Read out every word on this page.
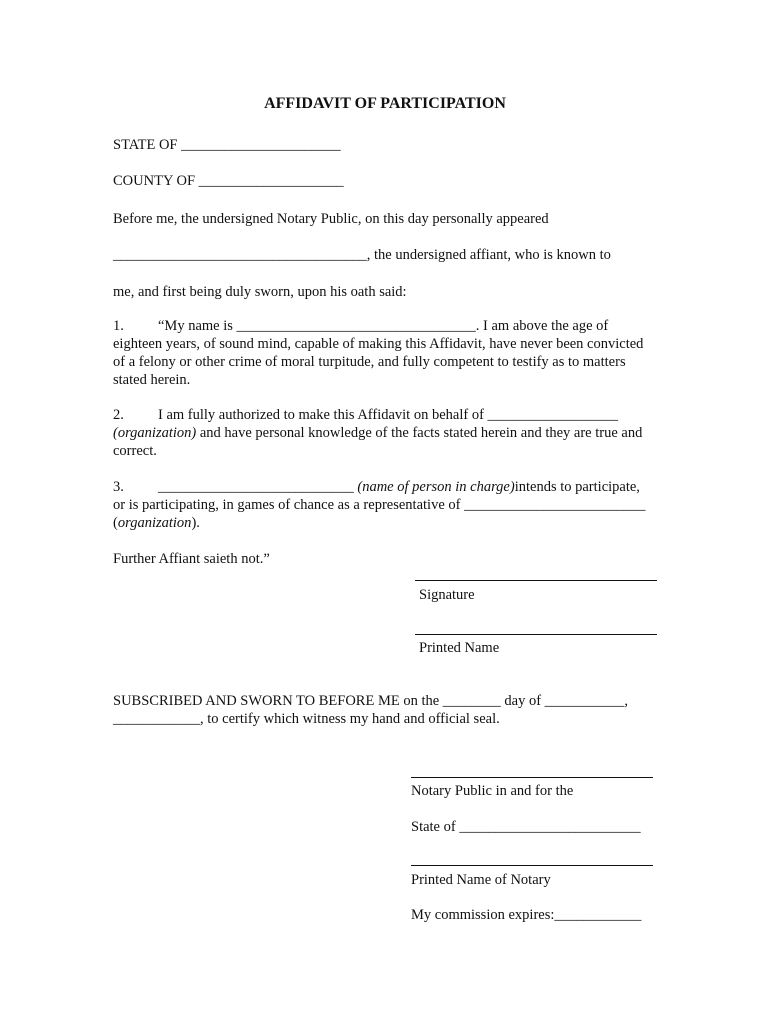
AFFIDAVIT OF PARTICIPATION
STATE OF ______________________
COUNTY OF ____________________
Before me, the undersigned Notary Public, on this day personally appeared
___________________________________, the undersigned affiant, who is known to
me, and first being duly sworn, upon his oath said:
1. “My name is _________________________________. I am above the age of eighteen years, of sound mind, capable of making this Affidavit, have never been convicted of a felony or other crime of moral turpitude, and fully competent to testify as to matters stated herein.
2. I am fully authorized to make this Affidavit on behalf of __________________ (organization) and have personal knowledge of the facts stated herein and they are true and correct.
3. ___________________________ (name of person in charge)intends to participate, or is participating, in games of chance as a representative of _________________________ (organization).
Further Affiant saieth not.”
Signature
Printed Name
SUBSCRIBED AND SWORN TO BEFORE ME on the ________ day of ___________,
____________, to certify which witness my hand and official seal.
Notary Public in and for the
State of _________________________
Printed Name of Notary
My commission expires:____________
